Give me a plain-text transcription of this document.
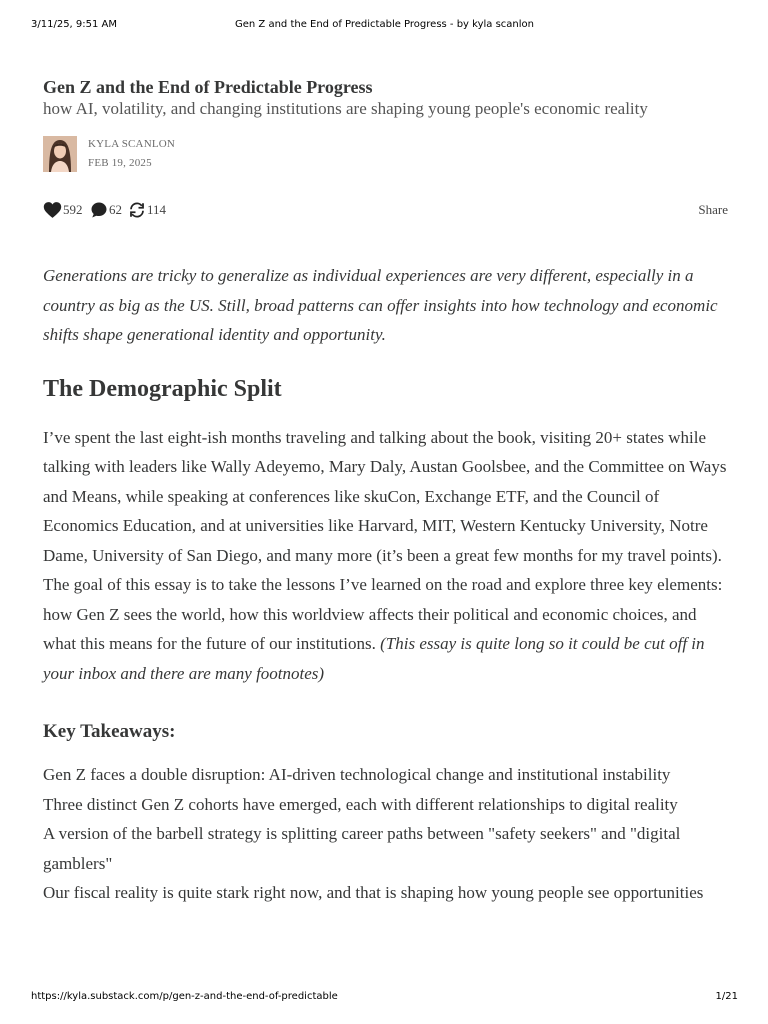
3/11/25, 9:51 AM	Gen Z and the End of Predictable Progress - by kyla scanlon
Gen Z and the End of Predictable Progress

how AI, volatility, and changing institutions are shaping young people's economic reality

KYLA SCANLON
FEB 19, 2025
592 62 114	Share

Generations are tricky to generalize as individual experiences are very different, especially in a country as big as the US. Still, broad patterns can offer insights into how technology and economic shifts shape generational identity and opportunity.

The Demographic Split

I’ve spent the last eight-ish months traveling and talking about the book, visiting 20+ states while talking with leaders like Wally Adeyemo, Mary Daly, Austan Goolsbee, and the Committee on Ways and Means, while speaking at conferences like skuCon, Exchange ETF, and the Council of Economics Education, and at universities like Harvard, MIT, Western Kentucky University, Notre Dame, University of San Diego, and many more (it’s been a great few months for my travel points).

The goal of this essay is to take the lessons I’ve learned on the road and explore three key elements: how Gen Z sees the world, how this worldview affects their political and economic choices, and what this means for the future of our institutions. (This essay is quite long so it could be cut off in your inbox and there are many footnotes)

Key Takeaways:
Gen Z faces a double disruption: AI-driven technological change and institutional instability
Three distinct Gen Z cohorts have emerged, each with different relationships to digital reality
A version of the barbell strategy is splitting career paths between "safety seekers" and "digital gamblers"
Our fiscal reality is quite stark right now, and that is shaping how young people see opportunities
https://kyla.substack.com/p/gen-z-and-the-end-of-predictable	1/21
